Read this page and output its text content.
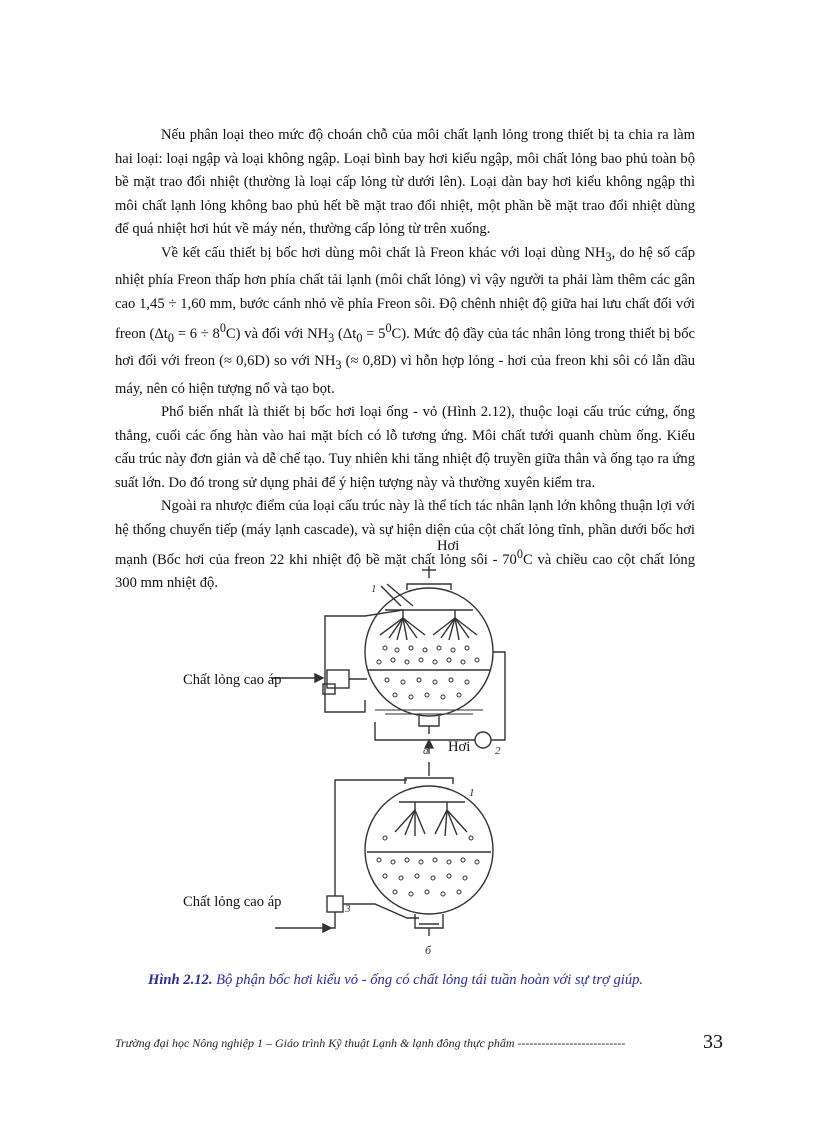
Nếu phân loại theo mức độ choán chỗ của môi chất lạnh lỏng trong thiết bị ta chia ra làm hai loại: loại ngập và loại không ngập. Loại bình bay hơi kiểu ngập, môi chất lỏng bao phủ toàn bộ bề mặt trao đổi nhiệt (thường là loại cấp lỏng từ dưới lên). Loại dàn bay hơi kiểu không ngập thì môi chất lạnh lỏng không bao phủ hết bề mặt trao đổi nhiệt, một phần bề mặt trao đổi nhiệt dùng để quá nhiệt hơi hút về máy nén, thường cấp lỏng từ trên xuống.

Về kết cấu thiết bị bốc hơi dùng môi chất là Freon khác với loại dùng $NH_3$, do hệ số cấp nhiệt phía Freon thấp hơn phía chất tải lạnh (môi chất lỏng) vì vậy người ta phải làm thêm các gân cao 1,45 ÷ 1,60 mm, bước cánh nhỏ về phía Freon sôi. Độ chênh nhiệt độ giữa hai lưu chất đối với freon $(\Delta t_0 = 6 \div 8^0C)$ và đối với $NH_3$ $(\Delta t_0 = 5^0C)$. Mức độ đầy của tác nhân lỏng trong thiết bị bốc hơi đối với freon (≈ 0,6D) so với $NH_3$ (≈ 0,8D) vì hỗn hợp lỏng - hơi của freon khi sôi có lẫn dầu máy, nên có hiện tượng nổ và tạo bọt.

Phổ biến nhất là thiết bị bốc hơi loại ống - vỏ (Hình 2.12), thuộc loại cấu trúc cứng, ống thẳng, cuối các ống hàn vào hai mặt bích có lỗ tương ứng. Môi chất tưới quanh chùm ống. Kiểu cấu trúc này đơn giản và dễ chế tạo. Tuy nhiên khi tăng nhiệt độ truyền giữa thân và ống tạo ra ứng suất lớn. Do đó trong sử dụng phải để ý hiện tượng này và thường xuyên kiểm tra.

Ngoài ra nhược điểm của loại cấu trúc này là thể tích tác nhân lạnh lớn không thuận lợi với hệ thống chuyển tiếp (máy lạnh cascade), và sự hiện diện của cột chất lỏng tĩnh, phần dưới bốc hơi mạnh (Bốc hơi của freon 22 khi nhiệt độ bề mặt chất lỏng sôi - $70^0C$ và chiều cao cột chất lỏng 300 mm nhiệt độ.	1
2
a
1
3
б
Hơi
Chất lỏng cao áp
Hơi
Chất lỏng cao áp
Hình 2.12. Bộ phận bốc hơi kiểu vỏ - ống có chất lỏng tái tuần hoàn với sự trợ giúp.
Trường đại học Nông nghiệp 1 – Giáo trình Kỹ thuật Lạnh & lạnh đông thực phẩm ---------------------------	33
